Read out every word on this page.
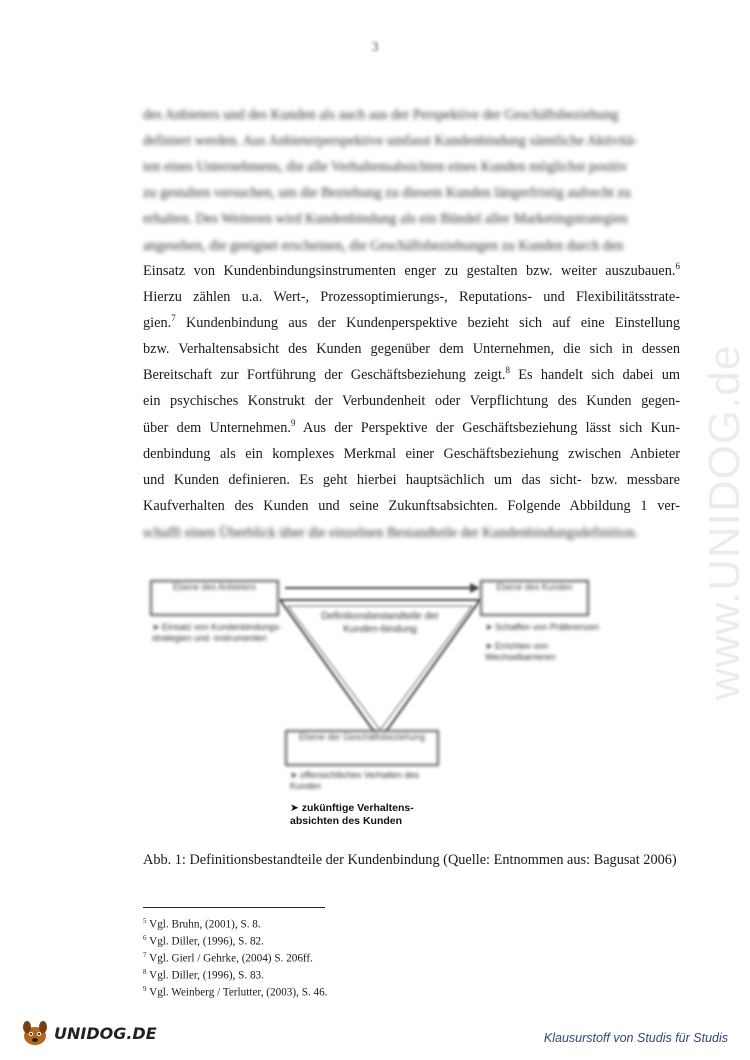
3
www.UNIDOG.de
des Anbieters und des Kunden als auch aus der Perspektive der Geschäftsbeziehung
definiert werden. Aus Anbieterperspektive umfasst Kundenbindung sämtliche Aktivitä-
ten eines Unternehmens, die alle Verhaltensabsichten eines Kunden möglichst positiv
zu gestalten versuchen, um die Beziehung zu diesem Kunden längerfristig aufrecht zu
erhalten. Des Weiteren wird Kundenbindung als ein Bündel aller Marketingstrategien
angesehen, die geeignet erscheinen, die Geschäftsbeziehungen zu Kunden durch den
Einsatz von Kundenbindungsinstrumenten enger zu gestalten bzw. weiter auszubauen.$^6$
Hierzu zählen u.a. Wert-, Prozessoptimierungs-, Reputations- und Flexibilitätsstrate-
gien.$^7$ Kundenbindung aus der Kundenperspektive bezieht sich auf eine Einstellung
bzw. Verhaltensabsicht des Kunden gegenüber dem Unternehmen, die sich in dessen
Bereitschaft zur Fortführung der Geschäftsbeziehung zeigt.$^8$ Es handelt sich dabei um
ein psychisches Konstrukt der Verbundenheit oder Verpflichtung des Kunden gegen-
über dem Unternehmen.$^9$ Aus der Perspektive der Geschäftsbeziehung lässt sich Kun-
denbindung als ein komplexes Merkmal einer Geschäftsbeziehung zwischen Anbieter
und Kunden definieren. Es geht hierbei hauptsächlich um das sicht- bzw. messbare
Kaufverhalten des Kunden und seine Zukunftsabsichten. Folgende Abbildung 1 ver-
schafft einen Überblick über die einzelnen Bestandteile der Kundenbindungsdefinition.
Ebene des Anbieters
➤ Einsatz von Kundenbindungs-strategien und -instrumenten
Ebene des Kunden
➤ Schaffen von Präferenzen
➤ Errichten von Wechselbarrieren
Definitionsbestandteile der Kunden-bindung
Ebene der Geschäftsbeziehung
➤ offensichtliches Verhalten des Kunden
➤ zukünftige Verhaltens-absichten des Kunden
Abb. 1: Definitionsbestandteile der Kundenbindung (Quelle: Entnommen aus: Bagusat 2006)
$^5$ Vgl. Bruhn, (2001), S. 8.
$^6$ Vgl. Diller, (1996), S. 82.
$^7$ Vgl. Gierl / Gehrke, (2004) S. 206ff.
$^8$ Vgl. Diller, (1996), S. 83.
$^9$ Vgl. Weinberg / Terlutter, (2003), S. 46.
UNIDOG.DE	Klausurstoff von Studis für Studis
